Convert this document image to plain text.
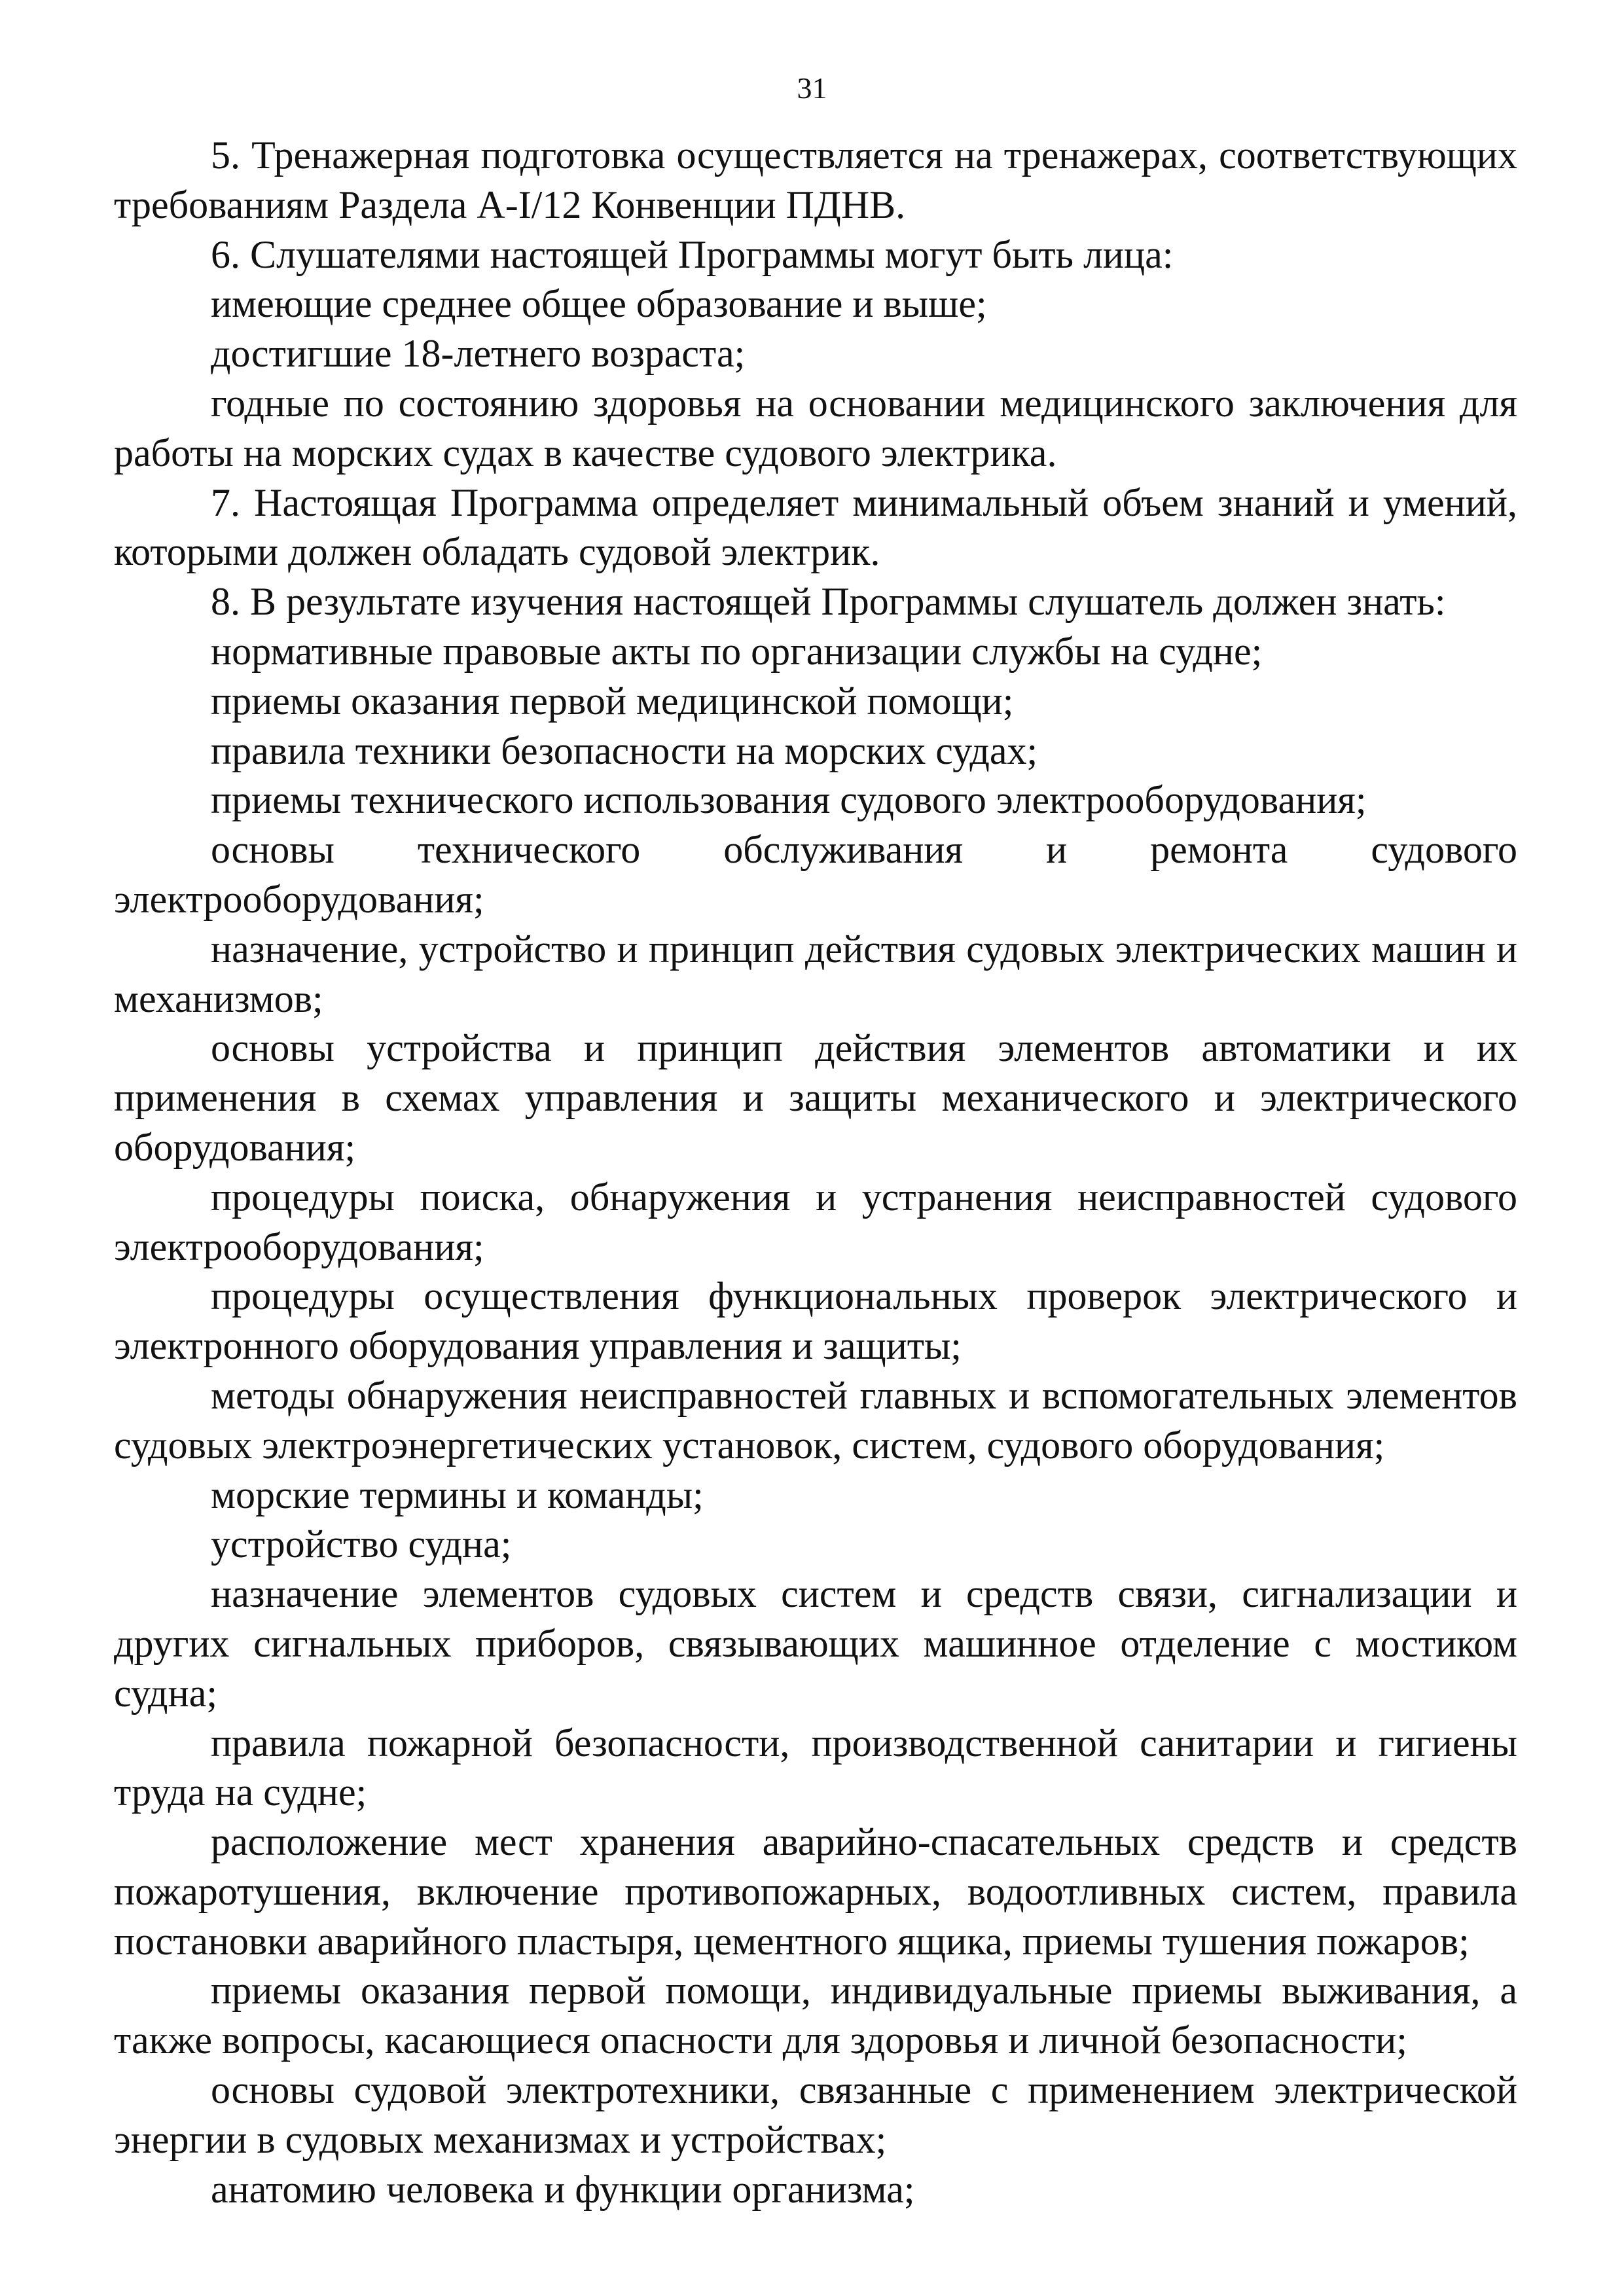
31

5. Тренажерная подготовка осуществляется на тренажерах, соответствующих требованиям Раздела A-I/12 Конвенции ПДНВ.

6. Слушателями настоящей Программы могут быть лица:

имеющие среднее общее образование и выше;

достигшие 18-летнего возраста;

годные по состоянию здоровья на основании медицинского заключения для работы на морских судах в качестве судового электрика.

7. Настоящая Программа определяет минимальный объем знаний и умений, которыми должен обладать судовой электрик.

8. В результате изучения настоящей Программы слушатель должен знать:

нормативные правовые акты по организации службы на судне;

приемы оказания первой медицинской помощи;

правила техники безопасности на морских судах;

приемы технического использования судового электрооборудования;

основы технического обслуживания и ремонта судового электрооборудования;

назначение, устройство и принцип действия судовых электрических машин и механизмов;

основы устройства и принцип действия элементов автоматики и их применения в схемах управления и защиты механического и электрического оборудования;

процедуры поиска, обнаружения и устранения неисправностей судового электрооборудования;

процедуры осуществления функциональных проверок электрического и электронного оборудования управления и защиты;

методы обнаружения неисправностей главных и вспомогательных элементов судовых электроэнергетических установок, систем, судового оборудования;

морские термины и команды;

устройство судна;

назначение элементов судовых систем и средств связи, сигнализации и других сигнальных приборов, связывающих машинное отделение с мостиком судна;

правила пожарной безопасности, производственной санитарии и гигиены труда на судне;

расположение мест хранения аварийно-спасательных средств и средств пожаротушения, включение противопожарных, водоотливных систем, правила постановки аварийного пластыря, цементного ящика, приемы тушения пожаров;

приемы оказания первой помощи, индивидуальные приемы выживания, а также вопросы, касающиеся опасности для здоровья и личной безопасности;

основы судовой электротехники, связанные с применением электрической энергии в судовых механизмах и устройствах;

анатомию человека и функции организма;
